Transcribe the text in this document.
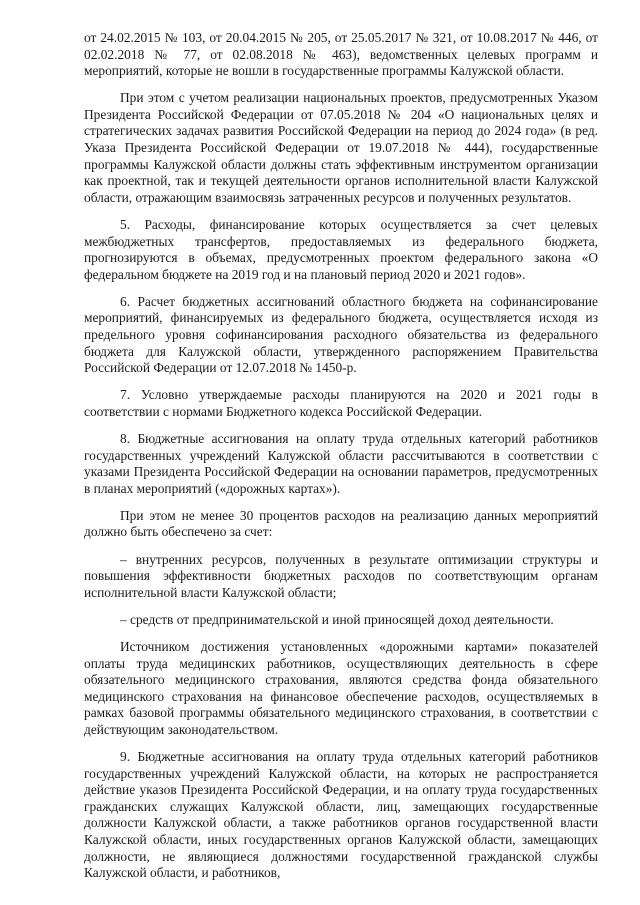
от 24.02.2015 № 103, от 20.04.2015 № 205, от 25.05.2017 № 321, от 10.08.2017 № 446, от 02.02.2018 № 77, от 02.08.2018 № 463), ведомственных целевых программ и мероприятий, которые не вошли в государственные программы Калужской области.

При этом с учетом реализации национальных проектов, предусмотренных Указом Президента Российской Федерации от 07.05.2018 № 204 «О национальных целях и стратегических задачах развития Российской Федерации на период до 2024 года» (в ред. Указа Президента Российской Федерации от 19.07.2018 № 444), государственные программы Калужской области должны стать эффективным инструментом организации как проектной, так и текущей деятельности органов исполнительной власти Калужской области, отражающим взаимосвязь затраченных ресурсов и полученных результатов.

5. Расходы, финансирование которых осуществляется за счет целевых межбюджетных трансфертов, предоставляемых из федерального бюджета, прогнозируются в объемах, предусмотренных проектом федерального закона «О федеральном бюджете на 2019 год и на плановый период 2020 и 2021 годов».

6. Расчет бюджетных ассигнований областного бюджета на софинансирование мероприятий, финансируемых из федерального бюджета, осуществляется исходя из предельного уровня софинансирования расходного обязательства из федерального бюджета для Калужской области, утвержденного распоряжением Правительства Российской Федерации от 12.07.2018 № 1450-р.

7. Условно утверждаемые расходы планируются на 2020 и 2021 годы в соответствии с нормами Бюджетного кодекса Российской Федерации.

8. Бюджетные ассигнования на оплату труда отдельных категорий работников государственных учреждений Калужской области рассчитываются в соответствии с указами Президента Российской Федерации на основании параметров, предусмотренных в планах мероприятий («дорожных картах»).

При этом не менее 30 процентов расходов на реализацию данных мероприятий должно быть обеспечено за счет:

– внутренних ресурсов, полученных в результате оптимизации структуры и повышения эффективности бюджетных расходов по соответствующим органам исполнительной власти Калужской области;

– средств от предпринимательской и иной приносящей доход деятельности.

Источником достижения установленных «дорожными картами» показателей оплаты труда медицинских работников, осуществляющих деятельность в сфере обязательного медицинского страхования, являются средства фонда обязательного медицинского страхования на финансовое обеспечение расходов, осуществляемых в рамках базовой программы обязательного медицинского страхования, в соответствии с действующим законодательством.

9. Бюджетные ассигнования на оплату труда отдельных категорий работников государственных учреждений Калужской области, на которых не распространяется действие указов Президента Российской Федерации, и на оплату труда государственных гражданских служащих Калужской области, лиц, замещающих государственные должности Калужской области, а также работников органов государственной власти Калужской области, иных государственных органов Калужской области, замещающих должности, не являющиеся должностями государственной гражданской службы Калужской области, и работников,
